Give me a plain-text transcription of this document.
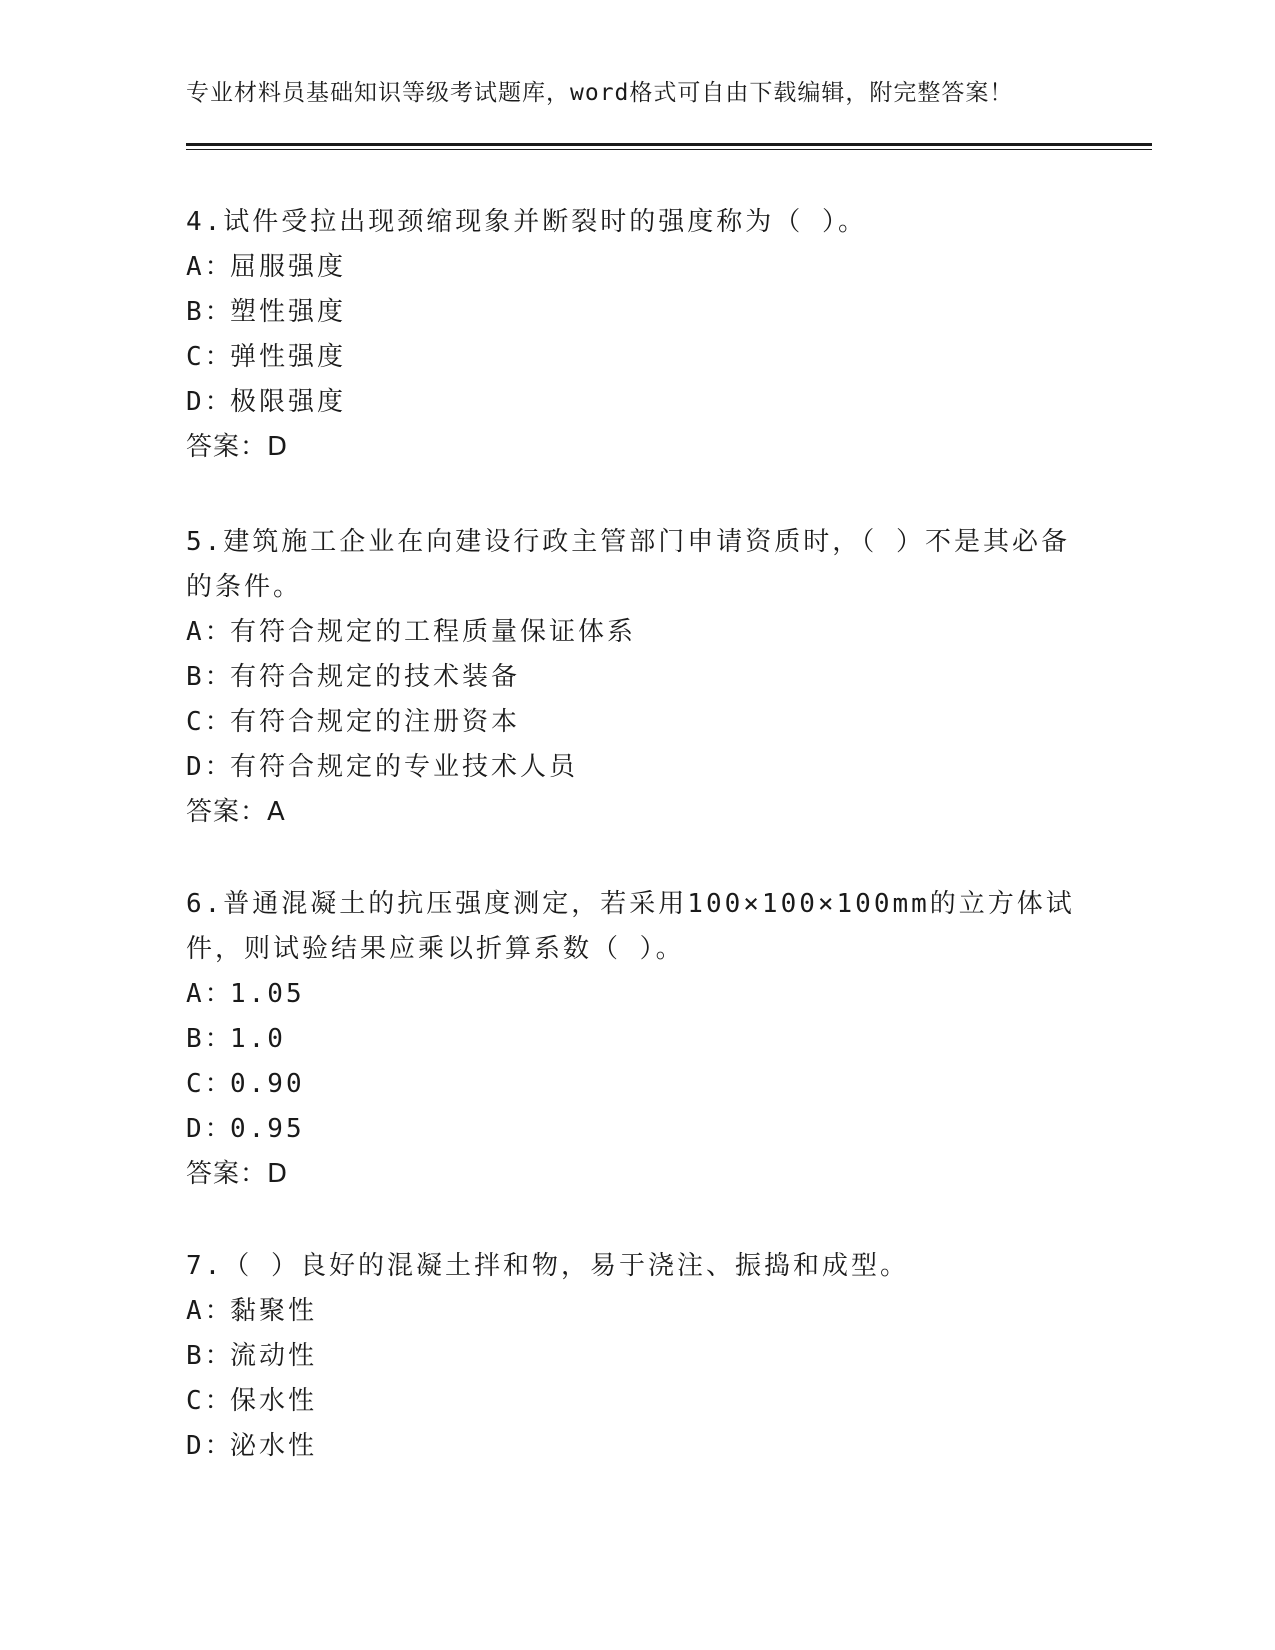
专业材料员基础知识等级考试题库，word格式可自由下载编辑，附完整答案！
4.试件受拉出现颈缩现象并断裂时的强度称为（ ）。
A：屈服强度
B：塑性强度
C：弹性强度
D：极限强度
答案：D
5.建筑施工企业在向建设行政主管部门申请资质时，（ ）不是其必备
的条件。
A：有符合规定的工程质量保证体系
B：有符合规定的技术装备
C：有符合规定的注册资本
D：有符合规定的专业技术人员
答案：A
6.普通混凝土的抗压强度测定，若采用100×100×100mm的立方体试
件，则试验结果应乘以折算系数（ ）。
A：1.05
B：1.0
C：0.90
D：0.95
答案：D
7.（ ）良好的混凝土拌和物，易于浇注、振捣和成型。
A：黏聚性
B：流动性
C：保水性
D：泌水性
